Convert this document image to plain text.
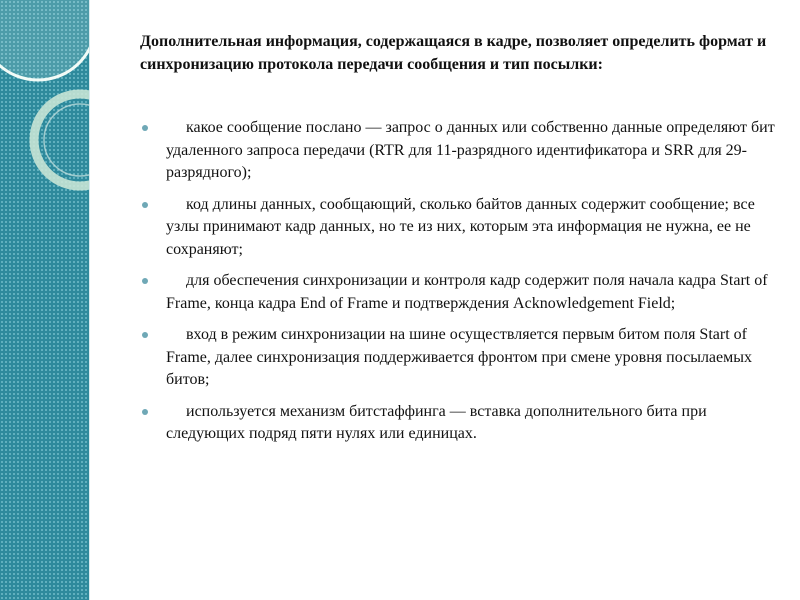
Дополнительная информация, содержащаяся в кадре, позволяет определить формат и синхронизацию протокола передачи сообщения и тип посылки:

какое сообщение послано — запрос о данных или собственно данные определяют бит удаленного запроса передачи (RTR для 11-разрядного идентификатора и SRR для 29-разрядного);
код длины данных, сообщающий, сколько байтов данных содержит сообщение; все узлы принимают кадр данных, но те из них, которым эта информация не нужна, ее не сохраняют;
для обеспечения синхронизации и контроля кадр содержит поля начала кадра Start of Frame, конца кадра End of Frame и подтверждения Acknowledgement Field;
вход в режим синхронизации на шине осуществляется первым битом поля Start of Frame, далее синхронизация поддерживается фронтом при смене уровня посылаемых битов;
используется механизм битстаффинга — вставка дополнительного бита при следующих подряд пяти нулях или единицах.
